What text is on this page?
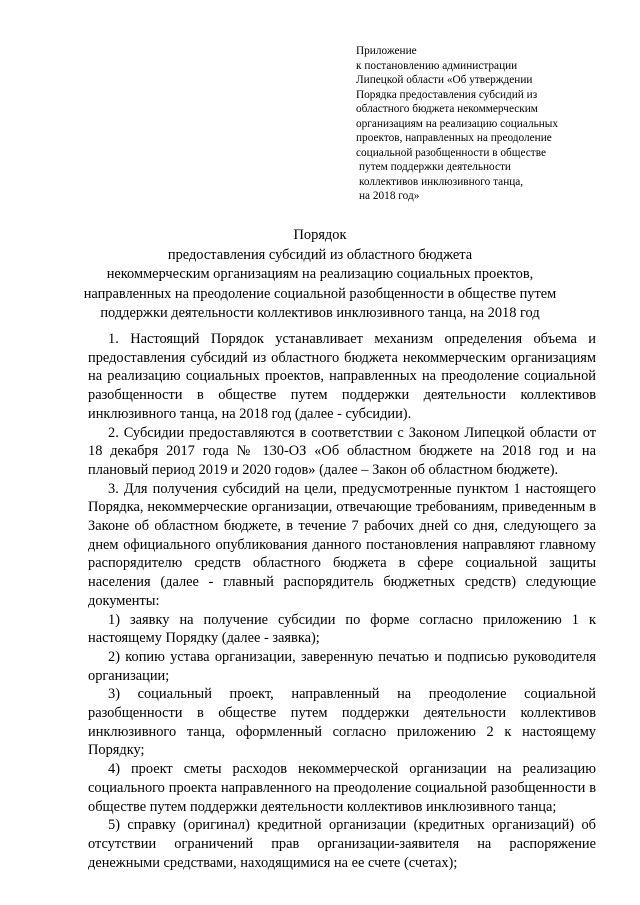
Приложение
к постановлению администрации
Липецкой области «Об утверждении
Порядка предоставления субсидий из
областного бюджета некоммерческим
организациям на реализацию социальных
проектов, направленных на преодоление
социальной разобщенности в обществе
путем поддержки деятельности
коллективов инклюзивного танца,
на 2018 год»
Порядок
предоставления субсидий из областного бюджета
некоммерческим организациям на реализацию социальных проектов,
направленных на преодоление социальной разобщенности в обществе путем
поддержки деятельности коллективов инклюзивного танца, на 2018 год

1. Настоящий Порядок устанавливает механизм определения объема и предоставления субсидий из областного бюджета некоммерческим организациям на реализацию социальных проектов, направленных на преодоление социальной разобщенности в обществе путем поддержки деятельности коллективов инклюзивного танца, на 2018 год (далее - субсидии).

2. Субсидии предоставляются в соответствии с Законом Липецкой области от 18 декабря 2017 года № 130-ОЗ «Об областном бюджете на 2018 год и на плановый период 2019 и 2020 годов» (далее – Закон об областном бюджете).

3. Для получения субсидий на цели, предусмотренные пунктом 1 настоящего Порядка, некоммерческие организации, отвечающие требованиям, приведенным в Законе об областном бюджете, в течение 7 рабочих дней со дня, следующего за днем официального опубликования данного постановления направляют главному распорядителю средств областного бюджета в сфере социальной защиты населения (далее - главный распорядитель бюджетных средств) следующие документы:

1) заявку на получение субсидии по форме согласно приложению 1 к настоящему Порядку (далее - заявка);

2) копию устава организации, заверенную печатью и подписью руководителя организации;

3) социальный проект, направленный на преодоление социальной разобщенности в обществе путем поддержки деятельности коллективов инклюзивного танца, оформленный согласно приложению 2 к настоящему Порядку;

4) проект сметы расходов некоммерческой организации на реализацию социального проекта направленного на преодоление социальной разобщенности в обществе путем поддержки деятельности коллективов инклюзивного танца;

5) справку (оригинал) кредитной организации (кредитных организаций) об отсутствии ограничений прав организации-заявителя на распоряжение денежными средствами, находящимися на ее счете (счетах);
